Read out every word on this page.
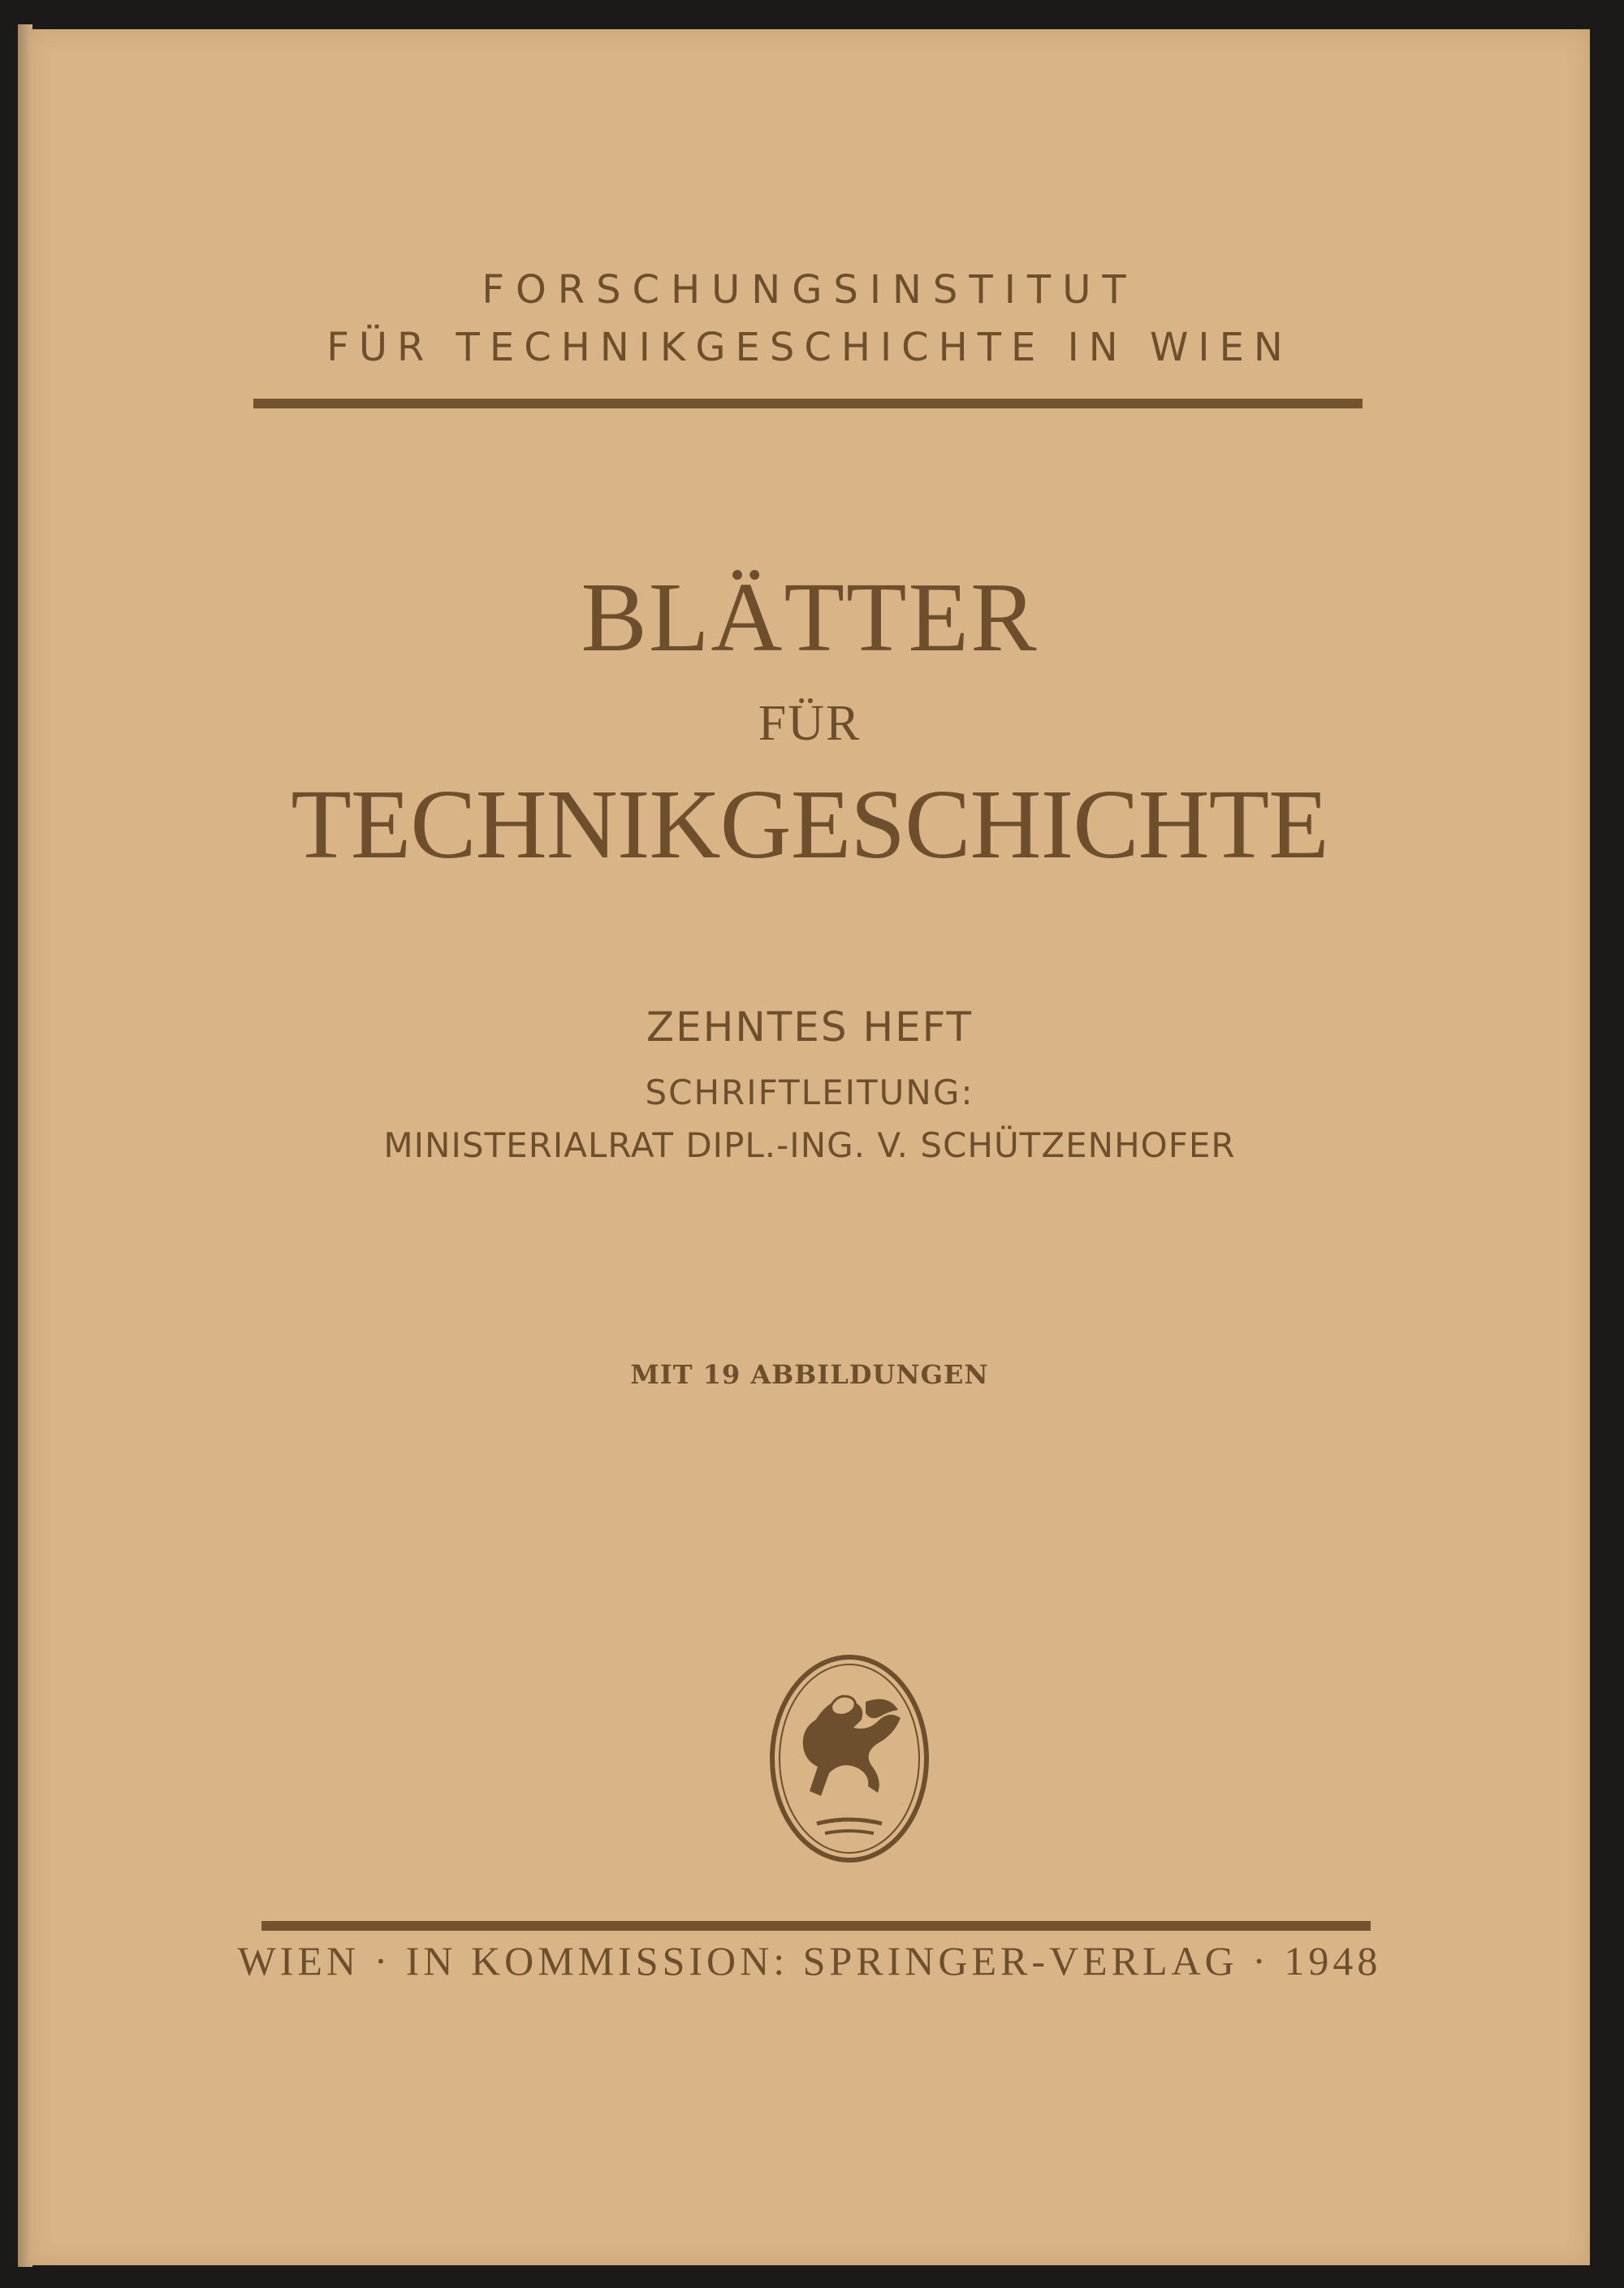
FORSCHUNGSINSTITUT
FÜR TECHNIKGESCHICHTE IN WIEN
BLÄTTER
FÜR
TECHNIKGESCHICHTE
ZEHNTES HEFT
SCHRIFTLEITUNG:
MINISTERIALRAT DIPL.-ING. V. SCHÜTZENHOFER
MIT 19 ABBILDUNGEN
WIEN · IN KOMMISSION: SPRINGER-VERLAG · 1948
